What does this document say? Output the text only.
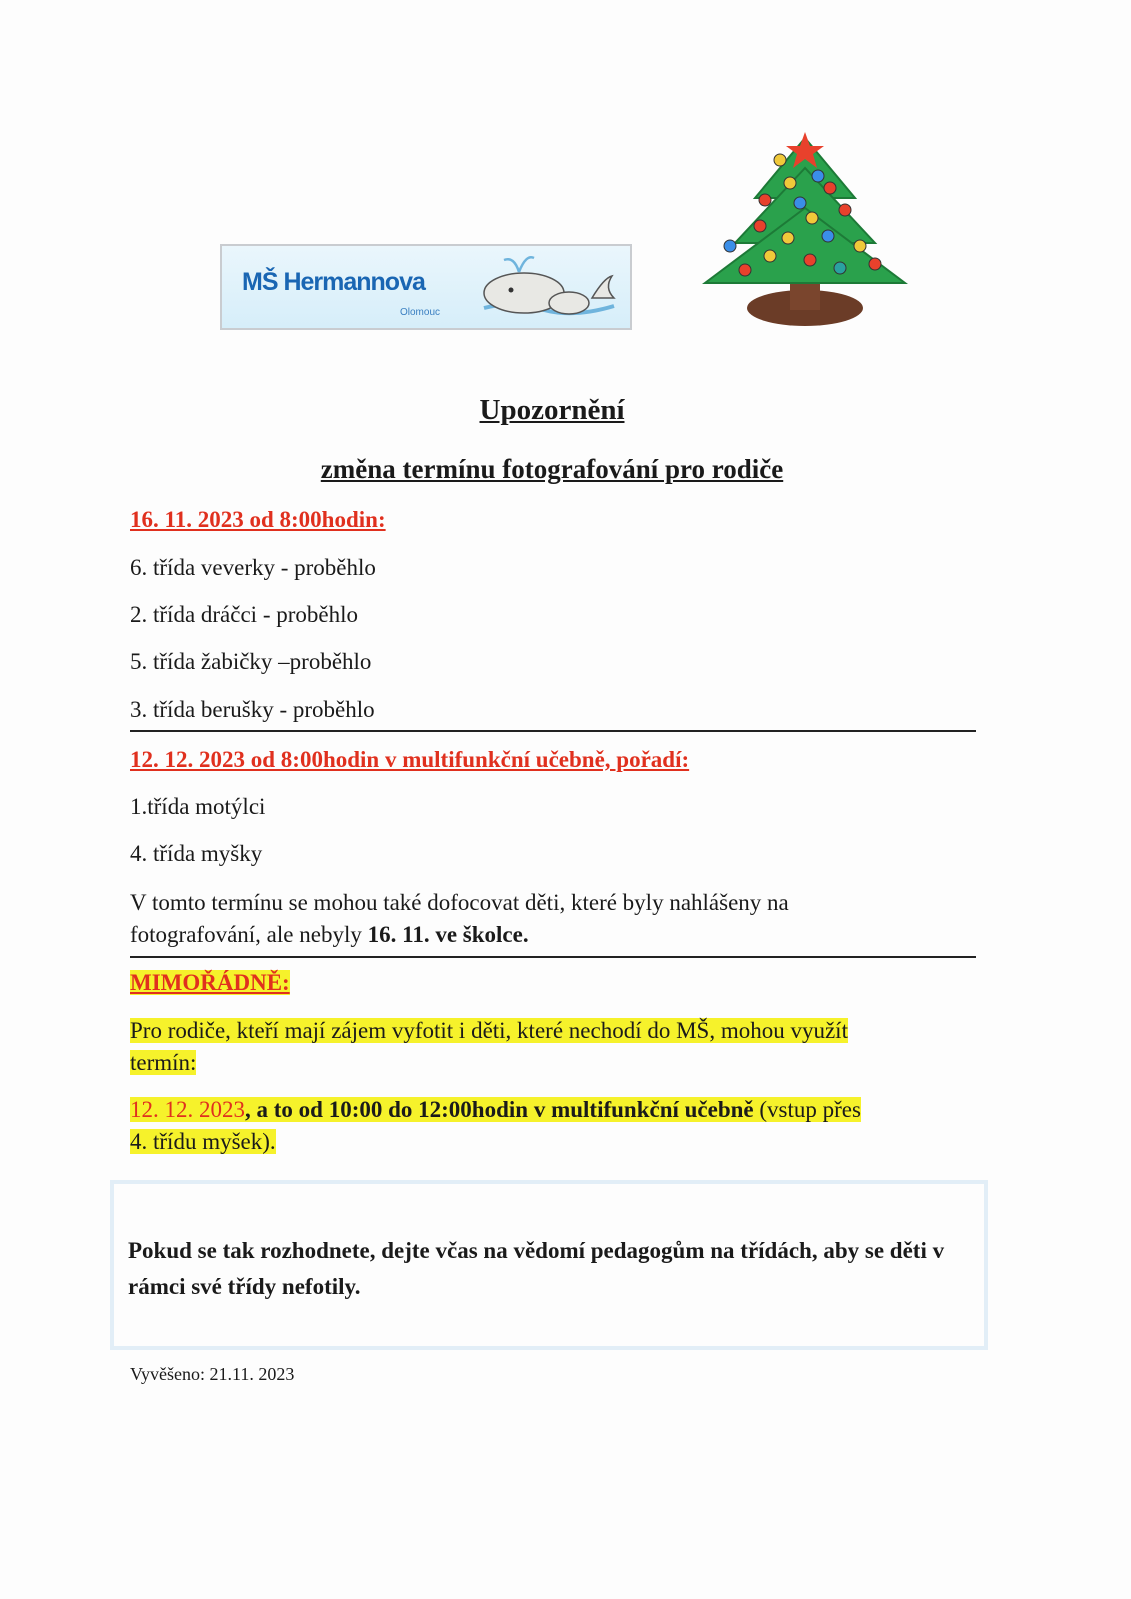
MŠ Hermannova
Olomouc
Upozornění
změna termínu fotografování pro rodiče
16. 11. 2023 od 8:00hodin:
6. třída veverky - proběhlo
2. třída dráčci - proběhlo
5. třída žabičky –proběhlo
3. třída berušky - proběhlo
12. 12. 2023 od 8:00hodin v multifunkční učebně, pořadí:
1.třída motýlci
4. třída myšky
V tomto termínu se mohou také dofocovat děti, které byly nahlášeny na
fotografování, ale nebyly 16. 11. ve školce.
MIMOŘÁDNĚ:
Pro rodiče, kteří mají zájem vyfotit i děti, které nechodí do MŠ, mohou využít
termín:
12. 12. 2023, a to od 10:00 do 12:00hodin v multifunkční učebně (vstup přes
4. třídu myšek).
Pokud se tak rozhodnete, dejte včas na vědomí pedagogům na třídách, aby se děti v rámci své třídy nefotily.
Vyvěšeno: 21.11. 2023
